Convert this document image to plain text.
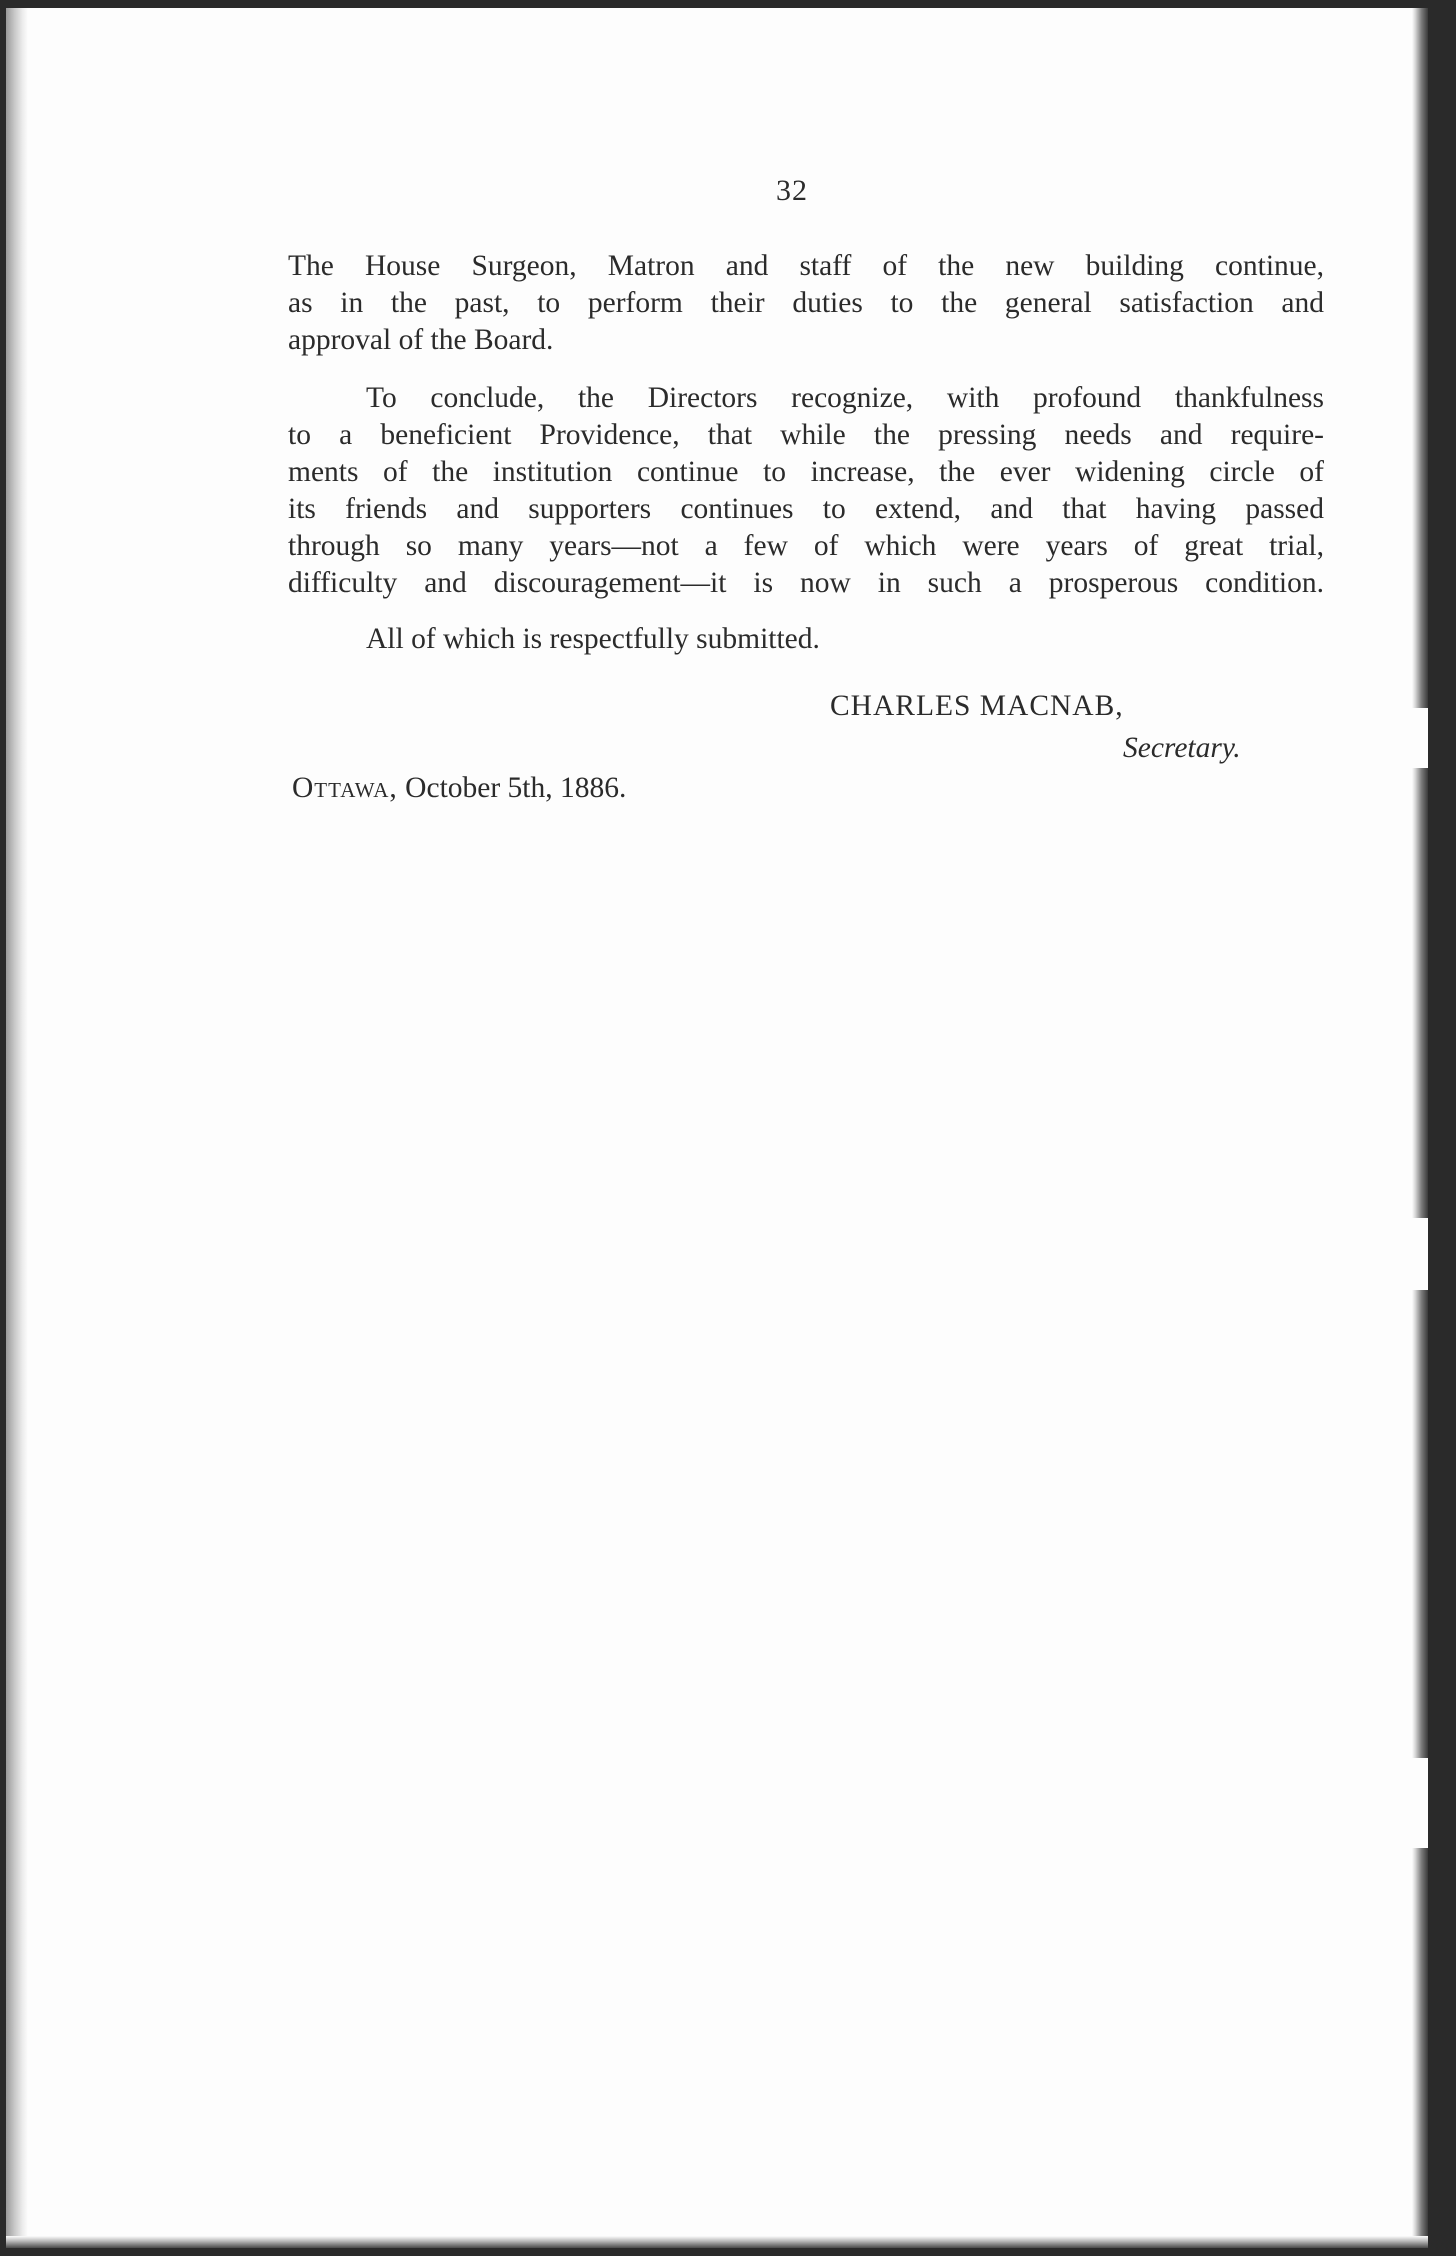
32
The House Surgeon, Matron and staff of the new building continue,
as in the past, to perform their duties to the general satisfaction and
approval of the Board.
To conclude, the Directors recognize, with profound thankfulness
to a beneficient Providence, that while the pressing needs and require-
ments of the institution continue to increase, the ever widening circle of
its friends and supporters continues to extend, and that having passed
through so many years—not a few of which were years of great trial,
difficulty and discouragement—it is now in such a prosperous condition.
All of which is respectfully submitted.
CHARLES MACNAB,
Secretary.
Ottawa, October 5th, 1886.
